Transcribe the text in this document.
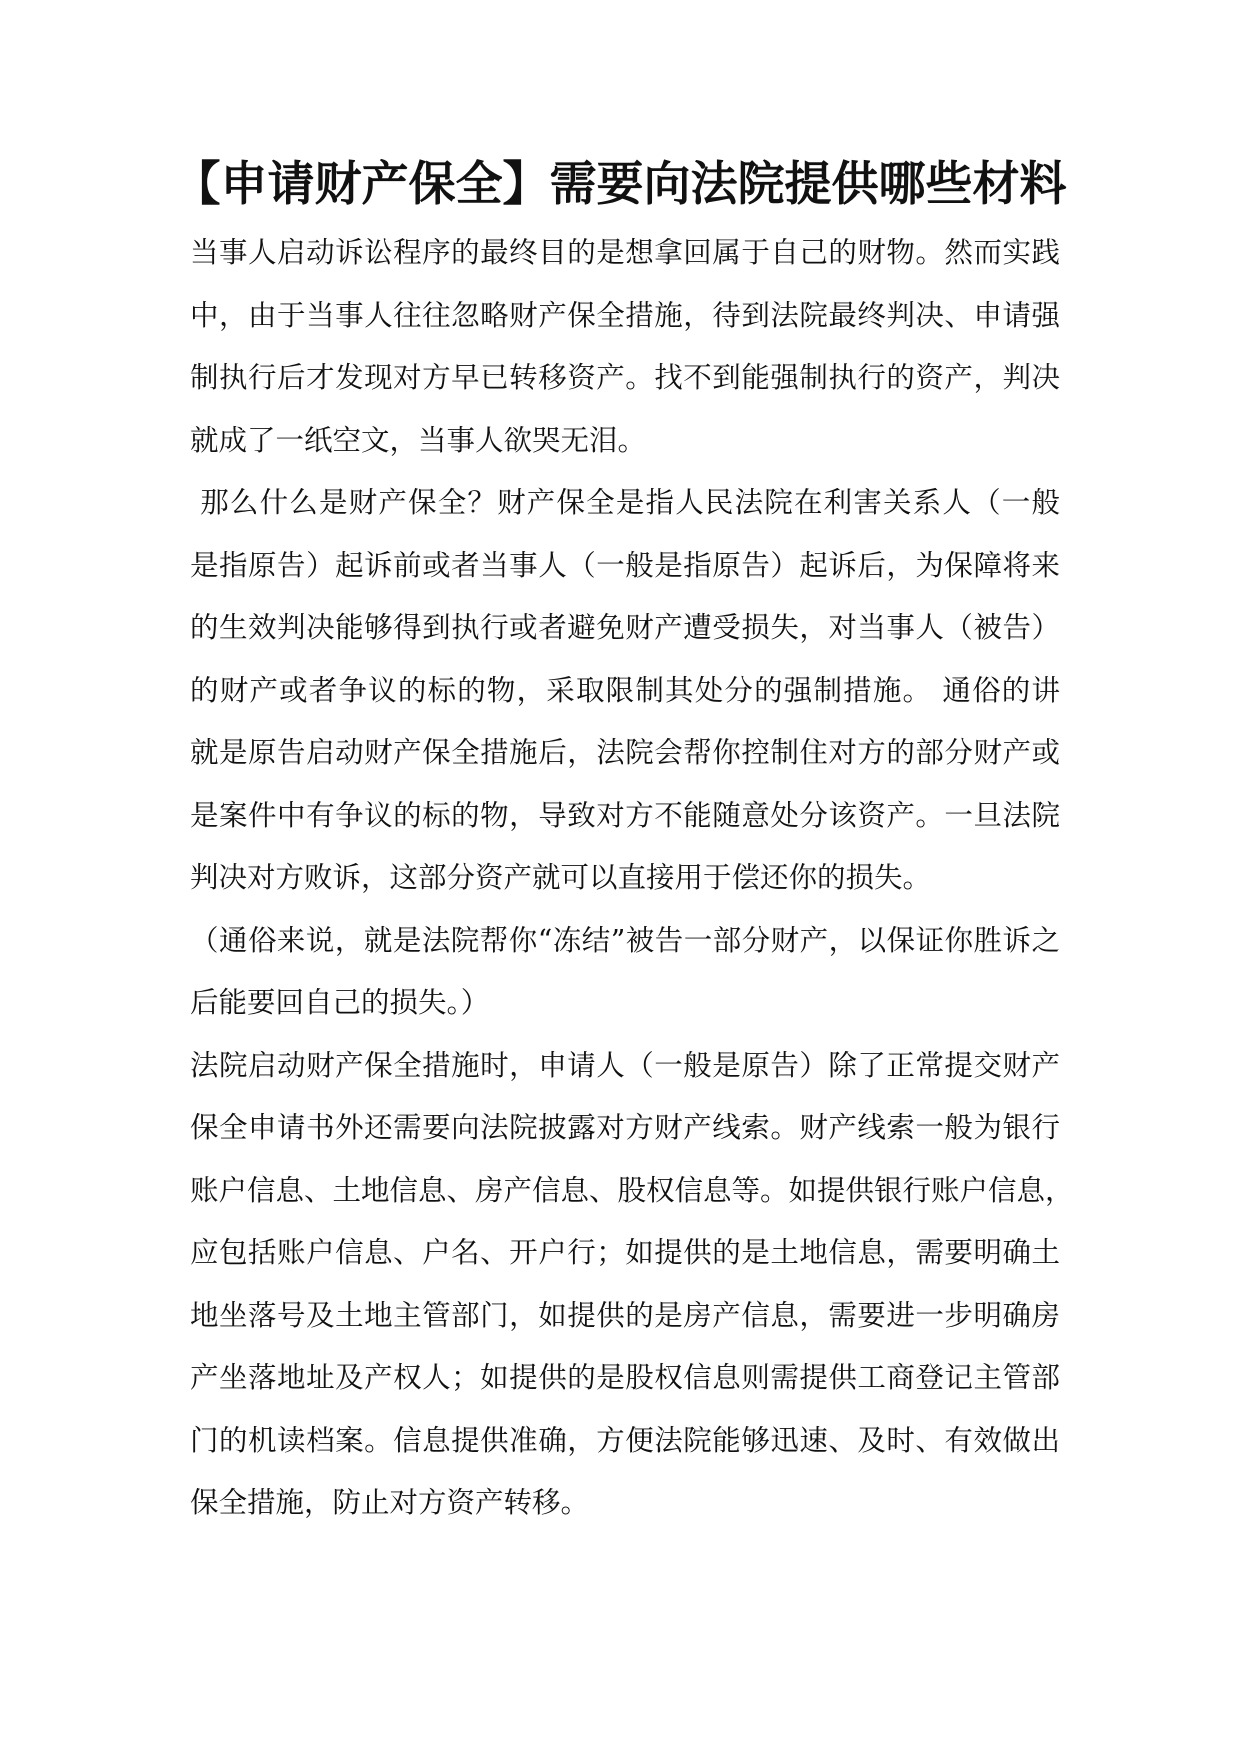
【申请财产保全】需要向法院提供哪些材料
当事人启动诉讼程序的最终目的是想拿回属于自己的财物。然而实践
中，由于当事人往往忽略财产保全措施，待到法院最终判决、申请强
制执行后才发现对方早已转移资产。找不到能强制执行的资产，判决
就成了一纸空文，当事人欲哭无泪。
那么什么是财产保全？财产保全是指人民法院在利害关系人（一般
是指原告）起诉前或者当事人（一般是指原告）起诉后，为保障将来
的生效判决能够得到执行或者避免财产遭受损失，对当事人（被告）
的财产或者争议的标的物，采取限制其处分的强制措施。 通俗的讲
就是原告启动财产保全措施后，法院会帮你控制住对方的部分财产或
是案件中有争议的标的物，导致对方不能随意处分该资产。一旦法院
判决对方败诉，这部分资产就可以直接用于偿还你的损失。
（通俗来说，就是法院帮你“冻结”被告一部分财产，以保证你胜诉之
后能要回自己的损失。）
法院启动财产保全措施时，申请人（一般是原告）除了正常提交财产
保全申请书外还需要向法院披露对方财产线索。财产线索一般为银行
账户信息、土地信息、房产信息、股权信息等。如提供银行账户信息，
应包括账户信息、户名、开户行；如提供的是土地信息，需要明确土
地坐落号及土地主管部门，如提供的是房产信息，需要进一步明确房
产坐落地址及产权人；如提供的是股权信息则需提供工商登记主管部
门的机读档案。信息提供准确，方便法院能够迅速、及时、有效做出
保全措施，防止对方资产转移。
